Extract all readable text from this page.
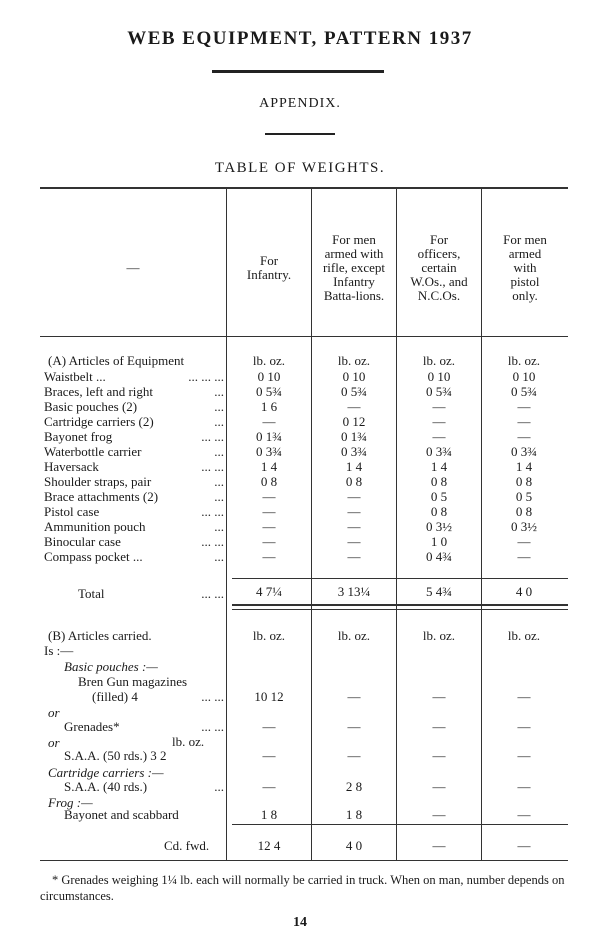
WEB EQUIPMENT, PATTERN 1937
APPENDIX.
TABLE OF WEIGHTS.
—	For Infantry.
For men armed with rifle, except Infantry Batta-lions.
For officers, certain W.Os., and N.C.Os.
For men armed with pistol only.
(A) Articles of Equipment	lb. oz.	lb. oz.	lb. oz.	lb. oz.
Waistbelt ...	... ... ...	0 10	0 10	0 10	0 10
Braces, left and right	...	0 5¾	0 5¾	0 5¾	0 5¾
Basic pouches (2)	...	1 6	—	—	—
Cartridge carriers (2)	...	—	0 12	—	—
Bayonet frog	... ...	0 1¾	0 1¾	—	—
Waterbottle carrier	...	0 3¾	0 3¾	0 3¾	0 3¾
Haversack	... ...	1 4	1 4	1 4	1 4
Shoulder straps, pair	...	0 8	0 8	0 8	0 8
Brace attachments (2)	...	—	—	0 5	0 5
Pistol case	... ...	—	—	0 8	0 8
Ammunition pouch	...	—	—	0 3½	0 3½
Binocular case	... ...	—	—	1 0	—
Compass pocket ...	...	—	—	0 4¾	—
Total	... ...	4 7¼	3 13¼	5 4¾	4 0
(B) Articles carried.	lb. oz.	lb. oz.	lb. oz.	lb. oz.
Is :—
Basic pouches :—
Bren Gun magazines
(filled) 4	... ...	10 12	—	—	—
or
Grenades*	... ...	—	—	—	—
or	lb. oz.
S.A.A. (50 rds.) 3 2	—	—	—	—
Cartridge carriers :—
S.A.A. (40 rds.)	...	—	2 8	—	—
Frog :—
Bayonet and scabbard	1 8	1 8	—	—
Cd. fwd.	12 4	4 0	—	—
* Grenades weighing 1¼ lb. each will normally be carried in truck. When on man, number depends on circumstances.
14
